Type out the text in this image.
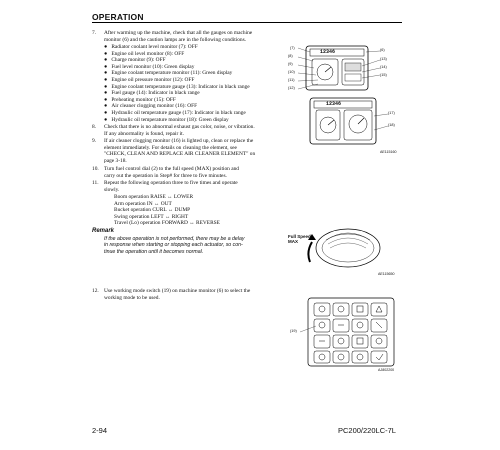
OPERATION
7. After warming up the machine, check that all the gauges on machine
monitor (6) and the caution lamps are in the following conditions.
● Radiator coolant level monitor (7): OFF
● Engine oil level monitor (8): OFF
● Charge monitor (9): OFF
● Fuel level monitor (10): Green display
● Engine coolant temperature monitor (11): Green display
● Engine oil pressure monitor (12): OFF
● Engine coolant temperature gauge (13): Indicator in black range
● Fuel gauge (14): Indicator in black range
● Preheating monitor (15): OFF
● Air cleaner clogging monitor (16): OFF
● Hydraulic oil temperature gauge (17): Indicator in black range
● Hydraulic oil temperature monitor (18): Green display
8. Check that there is no abnormal exhaust gas color, noise, or vibration.
If any abnormality is found, repair it.
9. If air cleaner clogging monitor (16) is lighted up, clean or replace the
element immediately. For details on cleaning the element, see
"CHECK, CLEAN AND REPLACE AIR CLEANER ELEMENT" on
page 3-18.
10. Turn fuel control dial (2) to the full speed (MAX) position and
carry out the operation in Step# for three to five minutes.
11. Repeat the following operation three to five times and operate
slowly.
Boom operation RAISE ↔ LOWER
Arm operation IN ↔ OUT
Bucket operation CURL ↔ DUMP
Swing operation LEFT ↔ RIGHT
Travel (Lo) operation FORWARD ↔ REVERSE
Remark
If the above operation is not performed, there may be a delay
in response when starting or stopping each actuator, so con-
tinue the operation until it becomes normal.
12. Use working mode switch (19) on machine monitor (6) to select the
working mode to be used.
(7)
(8)
(9)
(10)
(11)
(12)
(6)
(13)
(14)
(15)
(17)
(18)
12346
12346
AE115160
Full Speed
MAX
AE115650
(19)
AJ802200
2-94	PC200/220LC-7L
